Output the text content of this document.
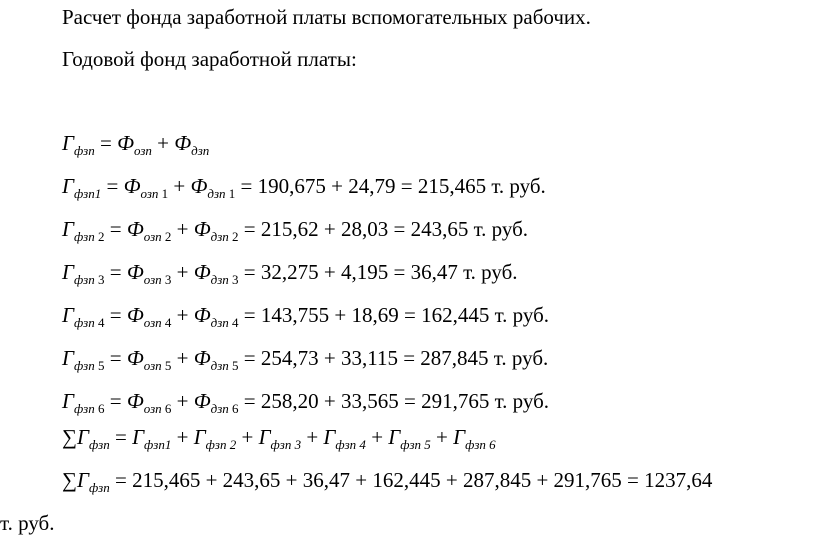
Расчет фонда заработной платы вспомогательных рабочих.
Годовой фонд заработной платы:
$Г_{фзп} = Ф_{озп} + Ф_{дзп}$
$Г_{фзп1} = Ф_{озп}$ $_1 + Ф_{дзп}$ $_1$ = 190,675 + 24,79 = 215,465 т. руб.
$Г_{фзп}$ $_2 = Ф_{озп}$ $_2 + Ф_{дзп}$ $_2$ = 215,62 + 28,03 = 243,65 т. руб.
$Г_{фзп}$ $_3 = Ф_{озп}$ $_3 + Ф_{дзп}$ $_3$ = 32,275 + 4,195 = 36,47 т. руб.
$Г_{фзп}$ $_4 = Ф_{озп}$ $_4 + Ф_{дзп}$ $_4$ = 143,755 + 18,69 = 162,445 т. руб.
$Г_{фзп}$ $_5 = Ф_{озп}$ $_5 + Ф_{дзп}$ $_5$ = 254,73 + 33,115 = 287,845 т. руб.
$Г_{фзп}$ $_6 = Ф_{озп}$ $_6 + Ф_{дзп}$ $_6$ = 258,20 + 33,565 = 291,765 т. руб.
$\sum Г_{фзп} = Г_{фзп1} + Г_{фзп 2} + Г_{фзп 3} + Г_{фзп 4} + Г_{фзп 5} + Г_{фзп 6}$
$\sum Г_{фзп} = 215,465 + 243,65 + 36,47 + 162,445 + 287,845 + 291,765 = 1237,64$
т. руб.
